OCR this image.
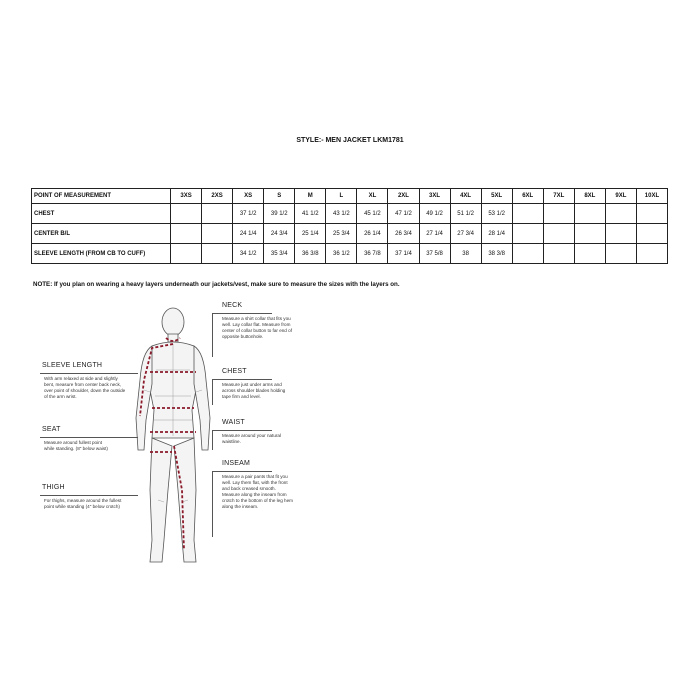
STYLE:- MEN JACKET LKM1781
POINT OF MEASUREMENT	3XS	2XS	XS	S	M	L	XL	2XL	3XL	4XL	5XL	6XL	7XL	8XL	9XL	10XL
CHEST			37 1/2	39 1/2	41 1/2	43 1/2	45 1/2	47 1/2	49 1/2	51 1/2	53 1/2					
CENTER B/L			24 1/4	24 3/4	25 1/4	25 3/4	26 1/4	26 3/4	27 1/4	27 3/4	28 1/4					
SLEEVE LENGTH (FROM CB TO CUFF)			34 1/2	35 3/4	36 3/8	36 1/2	36 7/8	37 1/4	37 5/8	38	38 3/8					
NOTE: If you plan on wearing a heavy layers underneath our jackets/vest, make sure to measure the sizes with the layers on.
NECK
Measure a shirt collar that fits you well. Lay collar flat. Measure from center of collar button to far end of opposite buttonhole.
CHEST
Measure just under arms and across shoulder blades holding tape firm and level.
WAIST
Measure around your natural waistline.
INSEAM
Measure a pair pants that fit you well. Lay them flat, with the front and back creased smooth. Measure along the inseam from crotch to the bottom of the leg hem along the inseam.
SLEEVE LENGTH
With arm relaxed at side and slightly bent, measure from center back neck, over point of shoulder, down the outside of the arm wrist.
SEAT
Measure around fullest point while standing. (8" below waist)
THIGH
For thighs, measure around the fullest point while standing (4" below crotch)
